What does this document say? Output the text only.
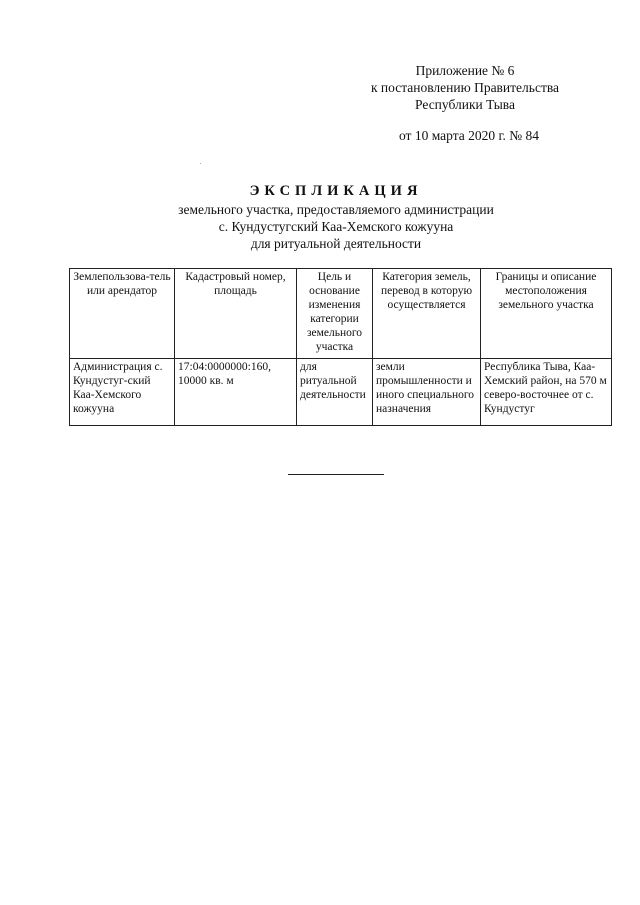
Приложение № 6
к постановлению Правительства
Республики Тыва
от 10 марта 2020 г. № 84
ЭКСПЛИКАЦИЯ
земельного участка, предоставляемого администрации
с. Кундустугский Каа-Хемского кожууна
для ритуальной деятельности
Землепользова-тель или арендатор	Кадастровый номер, площадь	Цель и основание изменения категории земельного участка	Категория земель, перевод в которую осуществляется	Границы и описание местоположения земельного участка
Администрация с. Кундустуг-ский Каа-Хемского кожууна	17:04:0000000:160, 10000 кв. м	для ритуальной деятельности	земли промышленности и иного специального назначения	Республика Тыва, Каа-Хемский район, на 570 м северо-восточнее от с. Кундустуг
